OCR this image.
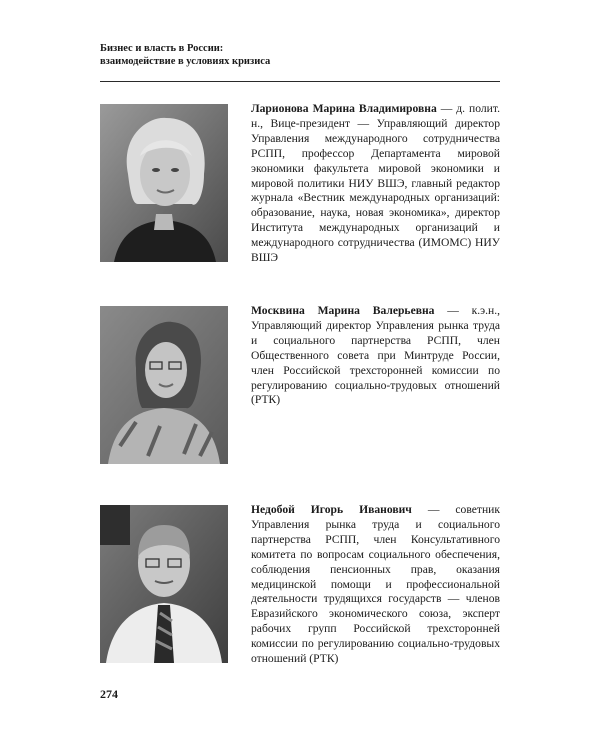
Бизнес и власть в России:
взаимодействие в условиях кризиса
Ларионова Марина Владимировна — д. полит. н., Вице-президент — Управляющий директор Управления международного сотрудничества РСПП, профессор Департамента мировой экономики факультета мировой экономики и мировой политики НИУ ВШЭ, главный редактор журнала «Вестник международных организаций: образование, наука, новая экономика», директор Института международных организаций и международного сотрудничества (ИМОМС) НИУ ВШЭ
Москвина Марина Валерьевна — к.э.н., Управляющий директор Управления рынка труда и социального партнерства РСПП, член Общественного совета при Минтруде России, член Российской трехсторонней комиссии по регулированию социально-трудовых отношений (РТК)
Недобой Игорь Иванович — советник Управления рынка труда и социального партнерства РСПП, член Консультативного комитета по вопросам социального обеспечения, соблюдения пенсионных прав, оказания медицинской помощи и профессиональной деятельности трудящихся государств — членов Евразийского экономического союза, эксперт рабочих групп Российской трехсторонней комиссии по регулированию социально-трудовых отношений (РТК)
274
